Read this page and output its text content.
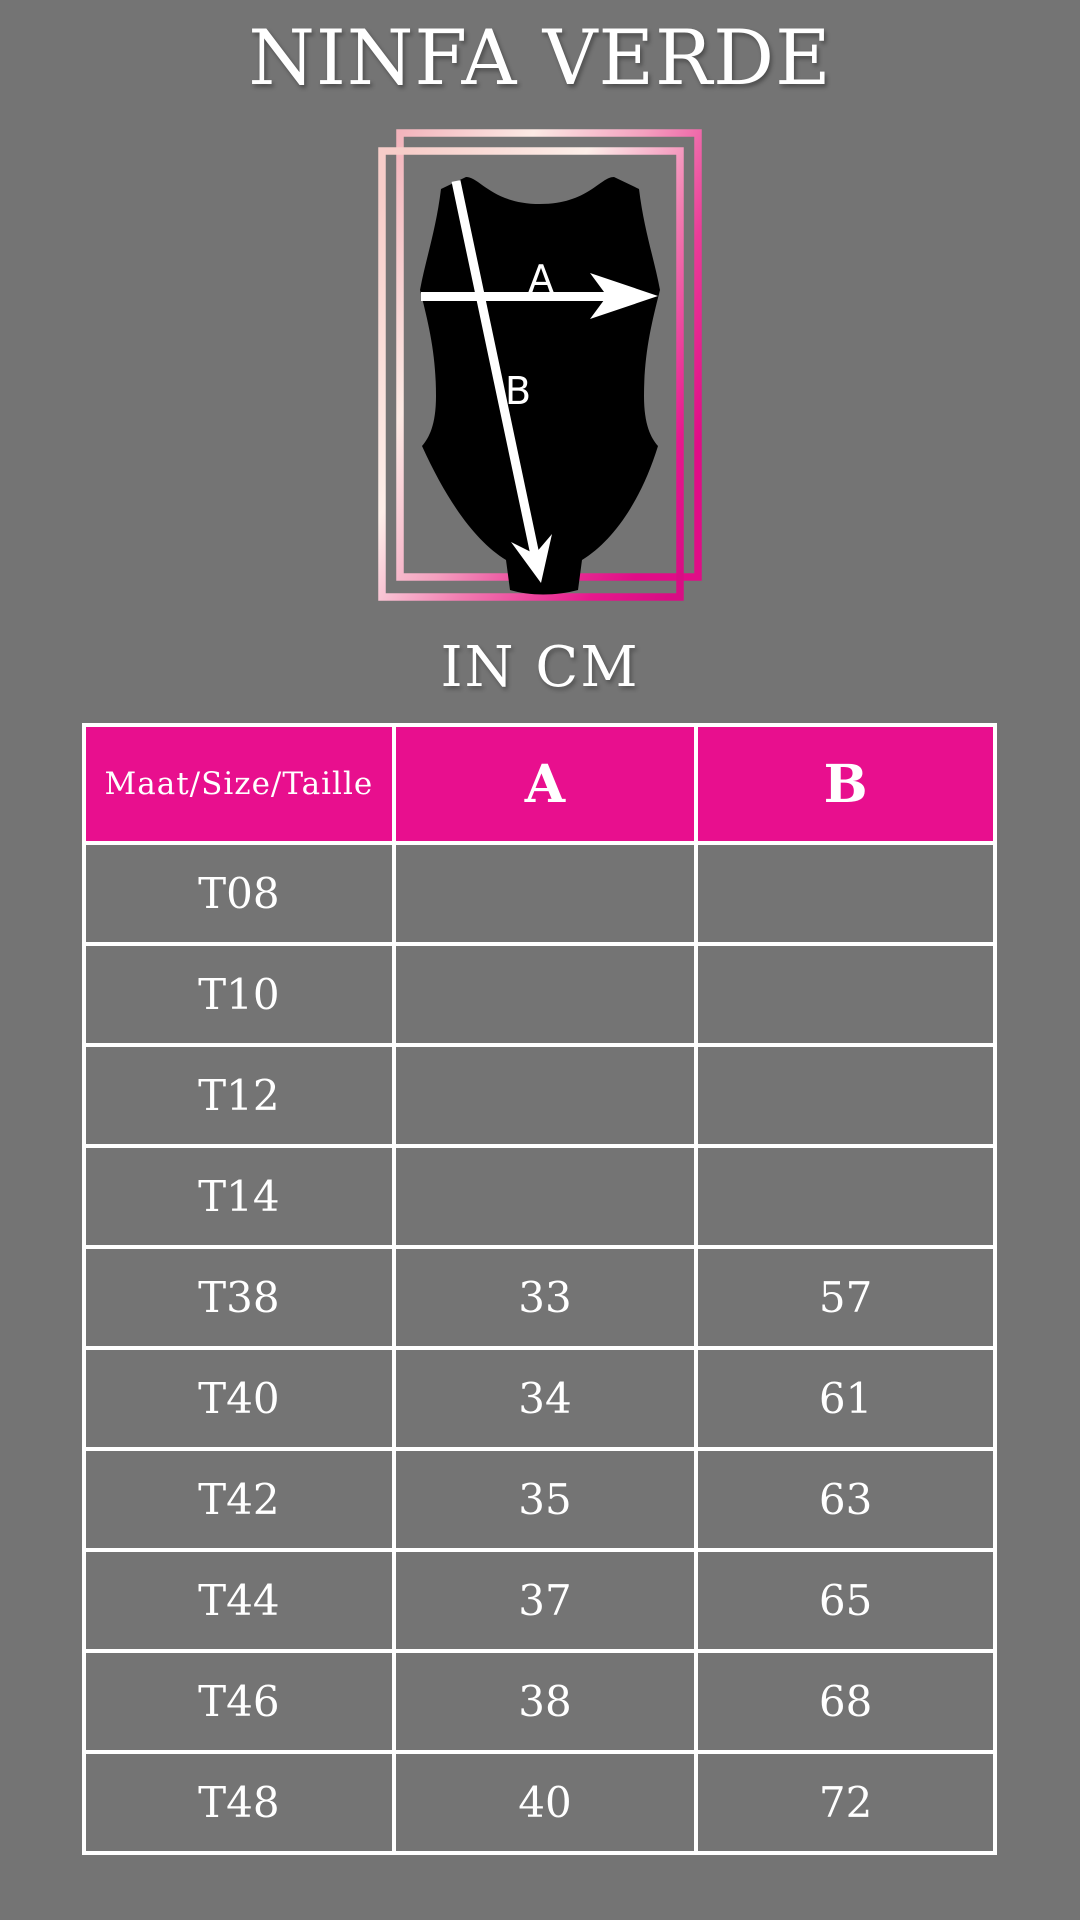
NINFA VERDE
A
B
IN CM
Maat/Size/Taille	A	B
T08		
T10		
T12		
T14		
T38	33	57
T40	34	61
T42	35	63
T44	37	65
T46	38	68
T48	40	72
